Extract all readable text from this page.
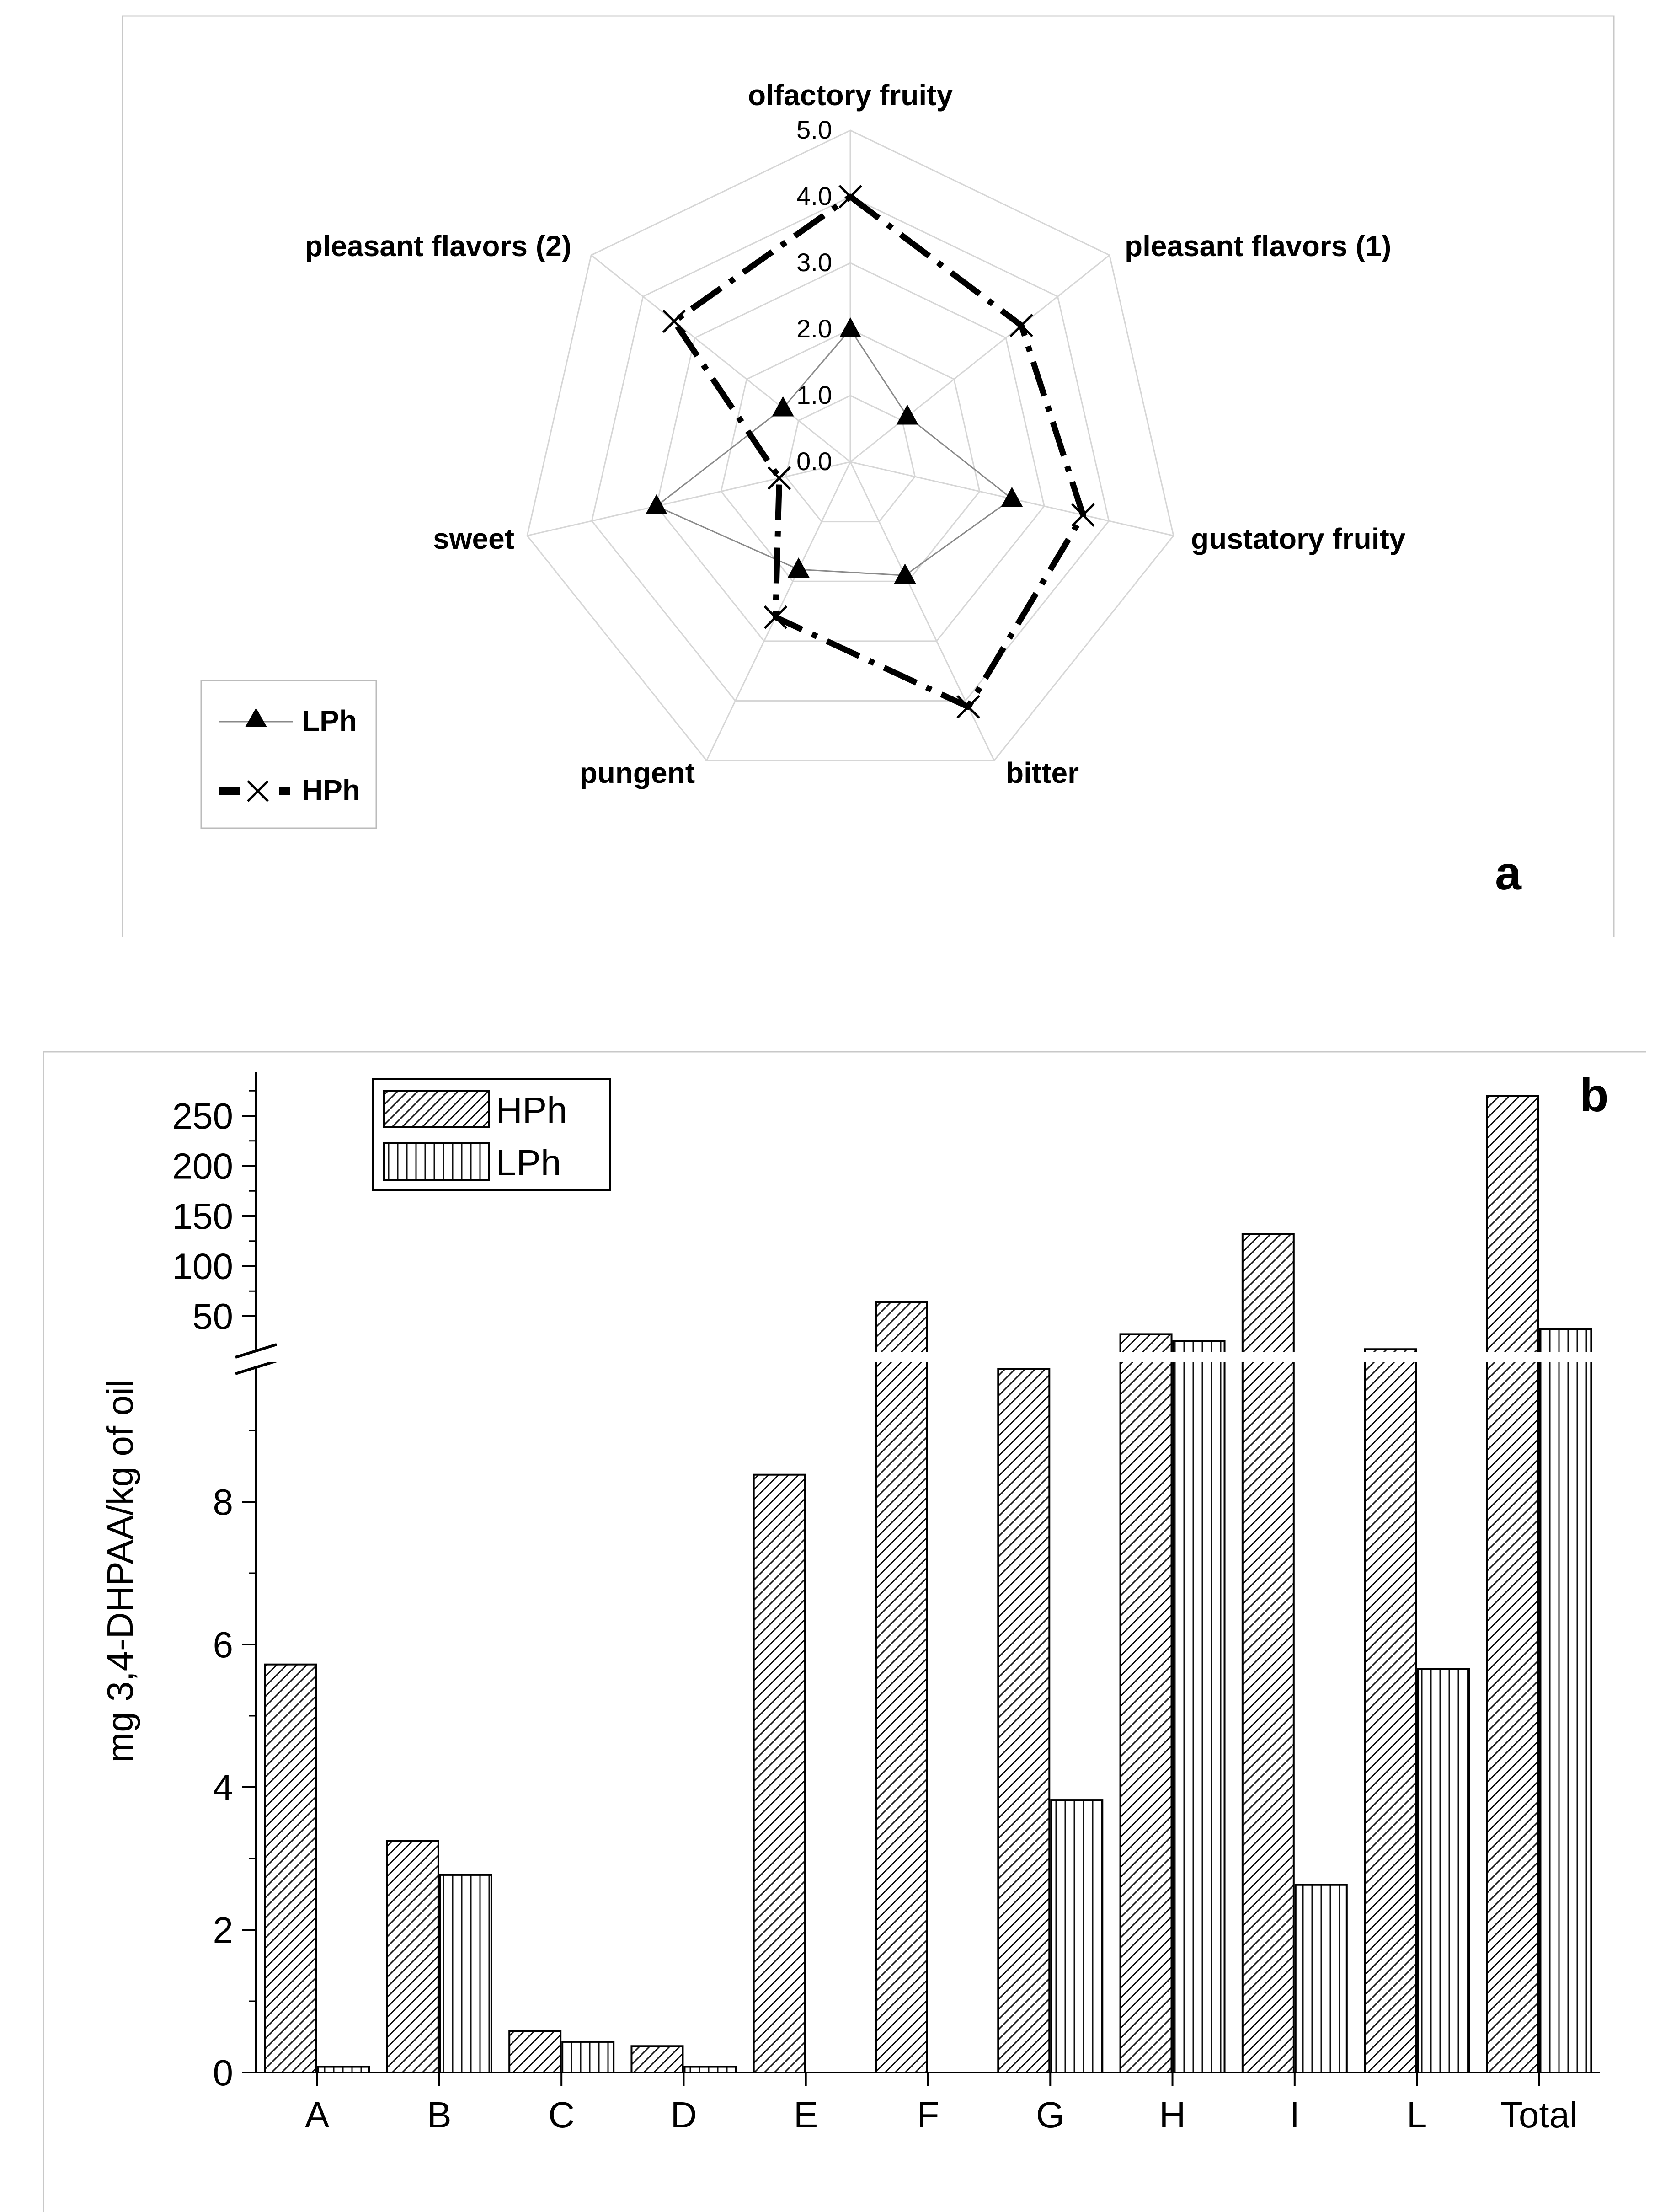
0.0
1.0
2.0
3.0
4.0
5.0
olfactory fruity
pleasant flavors (1)
gustatory fruity
bitter
pungent
sweet
pleasant flavors (2)
LPh
HPh
a
0
2
4
6
8
50
100
150
200
250
A	B	C	D	E	F	G	H	I	L Total
mg 3,4-DHPAA/kg of oil
HPh
LPh
b
